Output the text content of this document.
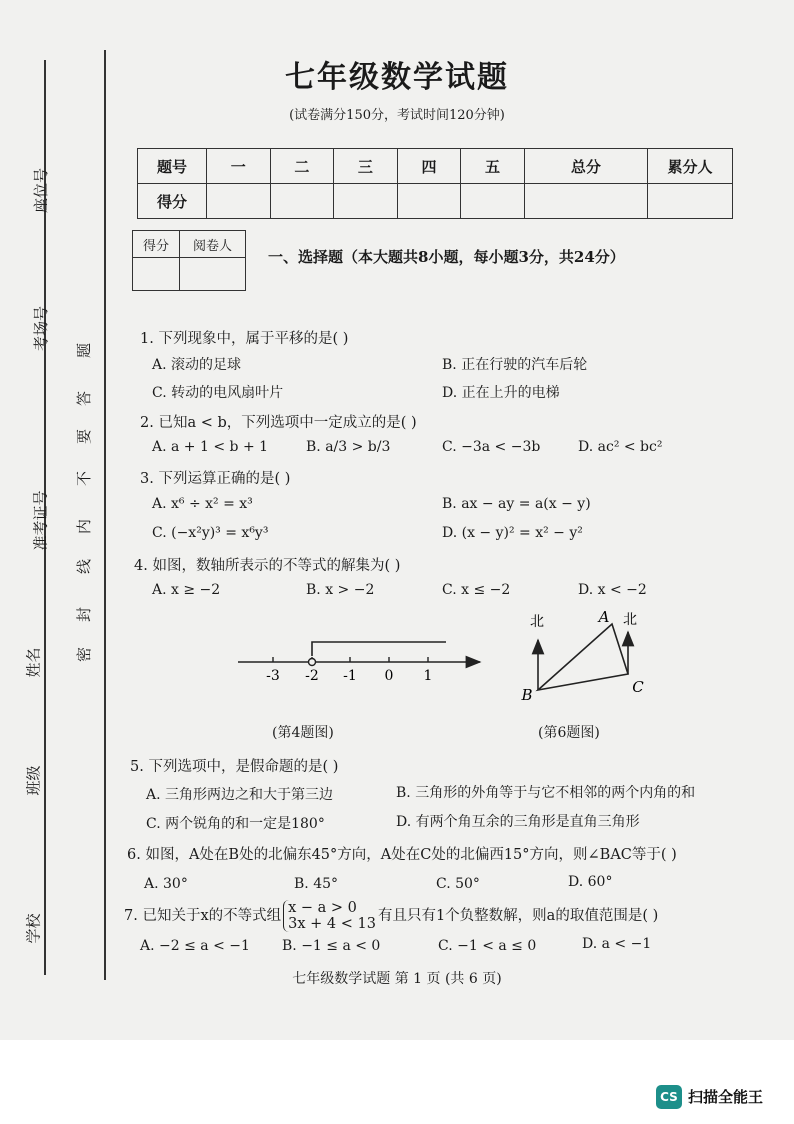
座位号
考场号
准考证号
姓名
班级
学校
题
答
要
不
内
线
封
密
七年级数学试题
(试卷满分150分，考试时间120分钟)
题号	一	二	三	四	五	总分	累分人
得分							
得分	阅卷人

一、选择题（本大题共8小题，每小题3分，共24分）
1. 下列现象中，属于平移的是( )
A. 滚动的足球	B. 正在行驶的汽车后轮
C. 转动的电风扇叶片	D. 正在上升的电梯
2. 已知a < b，下列选项中一定成立的是( )
A. a + 1 < b + 1	B. a/3 > b/3	C. −3a < −3b	D. ac² < bc²
3. 下列运算正确的是( )
A. x⁶ ÷ x² = x³	B. ax − ay = a(x − y)
C. (−x²y)³ = x⁶y³	D. (x − y)² = x² − y²
4. 如图，数轴所表示的不等式的解集为( )
A. x ≥ −2	B. x > −2	C. x ≤ −2	D. x < −2
-3 -2 -1 0 1
(第4题图)
北	北
A
B	C
(第6题图)
5. 下列选项中，是假命题的是( )
A. 三角形两边之和大于第三边	B. 三角形的外角等于与它不相邻的两个内角的和
C. 两个锐角的和一定是180°	D. 有两个角互余的三角形是直角三角形
6. 如图，A处在B处的北偏东45°方向，A处在C处的北偏西15°方向，则∠BAC等于( )
A. 30°	B. 45°	C. 50°	D. 60°
7. 已知关于x的不等式组 x − a > 0
3x + 4 < 13 有且只有1个负整数解，则a的取值范围是( )
A. −2 ≤ a < −1 B. −1 ≤ a < 0	C. −1 < a ≤ 0	D. a < −1
七年级数学试题 第 1 页 (共 6 页)
CS 扫描全能王
